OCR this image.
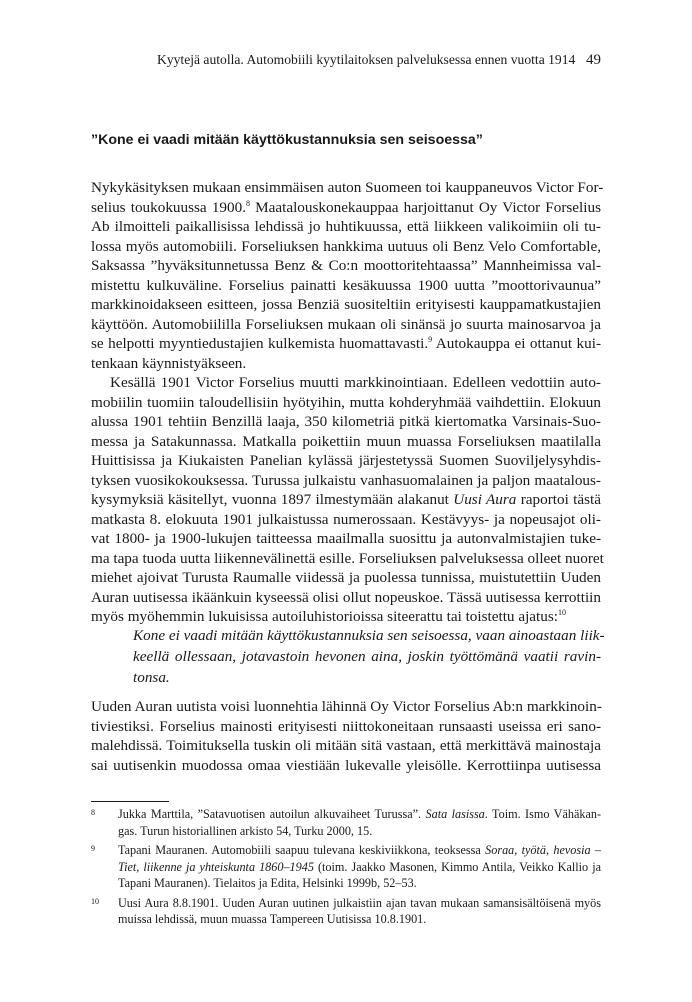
Kyytejä autolla. Automobiili kyytilaitoksen palveluksessa ennen vuotta 1914 49
”Kone ei vaadi mitään käyttökustannuksia sen seisoessa”
Nykykäsityksen mukaan ensimmäisen auton Suomeen toi kauppaneuvos Victor For-
selius toukokuussa 1900.$^8$ Maatalouskonekauppaa harjoittanut Oy Victor Forselius
Ab ilmoitteli paikallisissa lehdissä jo huhtikuussa, että liikkeen valikoimiin oli tu-
lossa myös automobiili. Forseliuksen hankkima uutuus oli Benz Velo Comfortable,
Saksassa ”hyväksitunnetussa Benz & Co:n moottoritehtaassa” Mannheimissa val-
mistettu kulkuväline. Forselius painatti kesäkuussa 1900 uutta ”moottorivaunua”
markkinoidakseen esitteen, jossa Benziä suositeltiin erityisesti kauppamatkustajien
käyttöön. Automobiililla Forseliuksen mukaan oli sinänsä jo suurta mainosarvoa ja
se helpotti myyntiedustajien kulkemista huomattavasti.$^9$ Autokauppa ei ottanut kui-
tenkaan käynnistyäkseen.
Kesällä 1901 Victor Forselius muutti markkinointiaan. Edelleen vedottiin auto-
mobiilin tuomiin taloudellisiin hyötyihin, mutta kohderyhmää vaihdettiin. Elokuun
alussa 1901 tehtiin Benzillä laaja, 350 kilometriä pitkä kiertomatka Varsinais-Suo-
messa ja Satakunnassa. Matkalla poikettiin muun muassa Forseliuksen maatilalla
Huittisissa ja Kiukaisten Panelian kylässä järjestetyssä Suomen Suoviljelysyhdis-
tyksen vuosikokouksessa. Turussa julkaistu vanhasuomalainen ja paljon maatalous-
kysymyksiä käsitellyt, vuonna 1897 ilmestymään alakanut Uusi Aura raportoi tästä
matkasta 8. elokuuta 1901 julkaistussa numerossaan. Kestävyys- ja nopeusajot oli-
vat 1800- ja 1900-lukujen taitteessa maailmalla suosittu ja autonvalmistajien tuke-
ma tapa tuoda uutta liikennevälinettä esille. Forseliuksen palveluksessa olleet nuoret
miehet ajoivat Turusta Raumalle viidessä ja puolessa tunnissa, muistutettiin Uuden
Auran uutisessa ikäänkuin kyseessä olisi ollut nopeuskoe. Tässä uutisessa kerrottiin
myös myöhemmin lukuisissa autoiluhistorioissa siteerattu tai toistettu ajatus:$^{10}$
Kone ei vaadi mitään käyttökustannuksia sen seisoessa, vaan ainoastaan liik-
keellä ollessaan, jotavastoin hevonen aina, joskin työttömänä vaatii ravin-
tonsa.
Uuden Auran uutista voisi luonnehtia lähinnä Oy Victor Forselius Ab:n markkinoin-
tiviestiksi. Forselius mainosti erityisesti niittokoneitaan runsaasti useissa eri sano-
malehdissä. Toimituksella tuskin oli mitään sitä vastaan, että merkittävä mainostaja
sai uutisenkin muodossa omaa viestiään lukevalle yleisölle. Kerrottiinpa uutisessa
8 Jukka Marttila, ”Satavuotisen autoilun alkuvaiheet Turussa”. Sata lasissa. Toim. Ismo Vähäkan-
gas. Turun historiallinen arkisto 54, Turku 2000, 15.
9 Tapani Mauranen. Automobiili saapuu tulevana keskiviikkona, teoksessa Soraa, työtä, hevosia –
Tiet, liikenne ja yhteiskunta 1860–1945 (toim. Jaakko Masonen, Kimmo Antila, Veikko Kallio ja
Tapani Mauranen). Tielaitos ja Edita, Helsinki 1999b, 52–53.
10 Uusi Aura 8.8.1901. Uuden Auran uutinen julkaistiin ajan tavan mukaan samansisältöisenä myös
muissa lehdissä, muun muassa Tampereen Uutisissa 10.8.1901.
